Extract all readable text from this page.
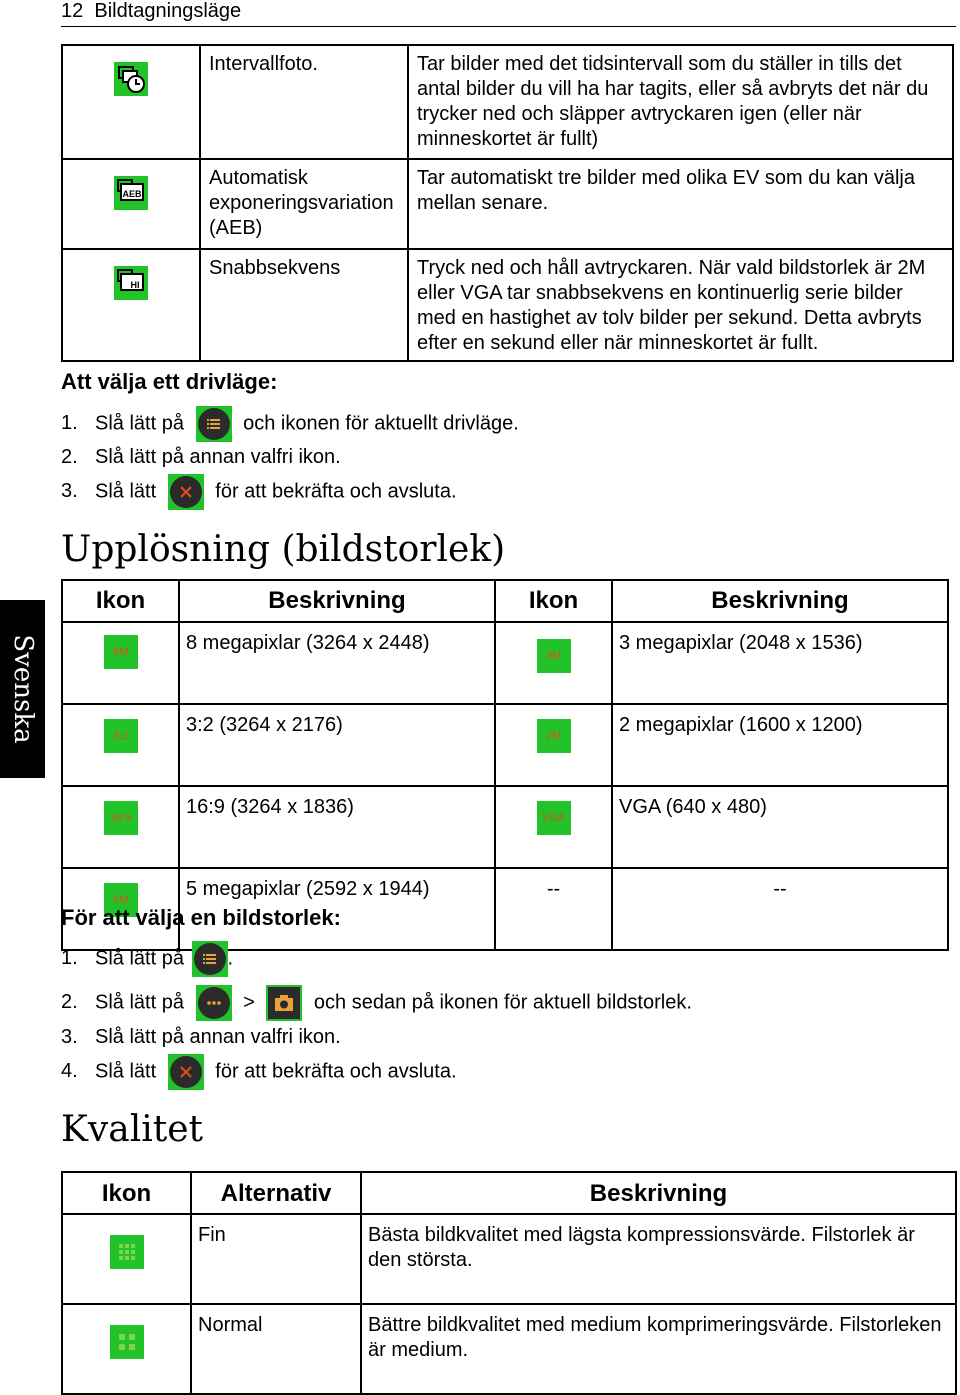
12 Bildtagningsläge
	Intervallfoto.	Tar bilder med det tidsintervall som du ställer in tills det antal bilder du vill ha har tagits, eller så avbryts det när du trycker ned och släpper avtryckaren igen (eller när minneskortet är fullt)

AEB	Automatisk exponeringsvariation (AEB)	Tar automatiskt tre bilder med olika EV som du kan välja mellan senare.

HI	Snabbsekvens	Tryck ned och håll avtryckaren. När vald bildstorlek är 2M eller VGA tar snabbsekvens en kontinuerlig serie bilder med en hastighet av tolv bilder per sekund. Detta avbryts efter en sekund eller när minneskortet är fullt.
Att välja ett drivläge:
1. Slå lätt på	och ikonen för aktuellt drivläge.
2. Slå lätt på annan valfri ikon.
3. Slå lätt	för att bekräfta och avsluta.
Upplösning (bildstorlek)
Ikon	Beskrivning	Ikon	Beskrivning
8M	8 megapixlar (3264 x 2448)	3M	3 megapixlar (2048 x 1536)
3:2	3:2 (3264 x 2176)	2M	2 megapixlar (1600 x 1200)
16:9	16:9 (3264 x 1836)	VGA	VGA (640 x 480)
5M	5 megapixlar (2592 x 1944)	--	--
För att välja en bildstorlek:
1. Slå lätt på .
2. Slå lätt på	>	och sedan på ikonen för aktuell bildstorlek.
3. Slå lätt på annan valfri ikon.
4. Slå lätt	för att bekräfta och avsluta.
Kvalitet
Ikon	Alternativ	Beskrivning
	Fin	Bästa bildkvalitet med lägsta kompressionsvärde. Filstorlek är den största.
	Normal	Bättre bildkvalitet med medium komprimeringsvärde. Filstorleken är medium.
Svenska
